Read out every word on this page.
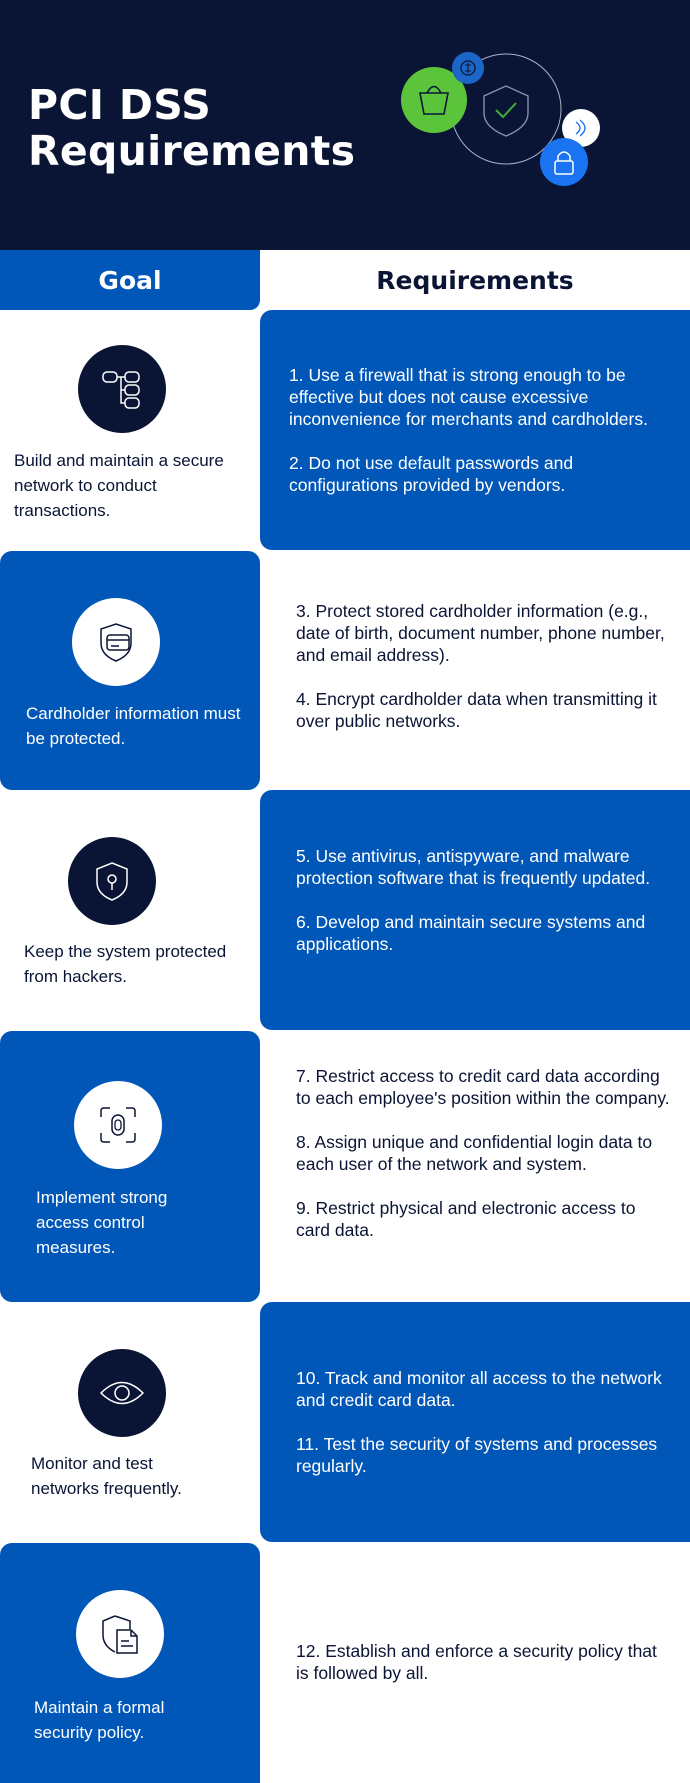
PCI DSS
Requirements
Goal	Requirements
Build and maintain a secure network to conduct transactions.

1. Use a firewall that is strong enough to be effective but does not cause excessive inconvenience for merchants and cardholders.

2. Do not use default passwords and configurations provided by vendors.

Cardholder information must be protected.

3. Protect stored cardholder information (e.g., date of birth, document number, phone number, and email address).

4. Encrypt cardholder data when transmitting it over public networks.

Keep the system protected from hackers.

5. Use antivirus, antispyware, and malware protection software that is frequently updated.

6. Develop and maintain secure systems and applications.

Implement strong access control measures.

7. Restrict access to credit card data according to each employee's position within the company.

8. Assign unique and confidential login data to each user of the network and system.

9. Restrict physical and electronic access to card data.

Monitor and test networks frequently.

10. Track and monitor all access to the network and credit card data.

11. Test the security of systems and processes regularly.

Maintain a formal security policy.

12. Establish and enforce a security policy that is followed by all.
